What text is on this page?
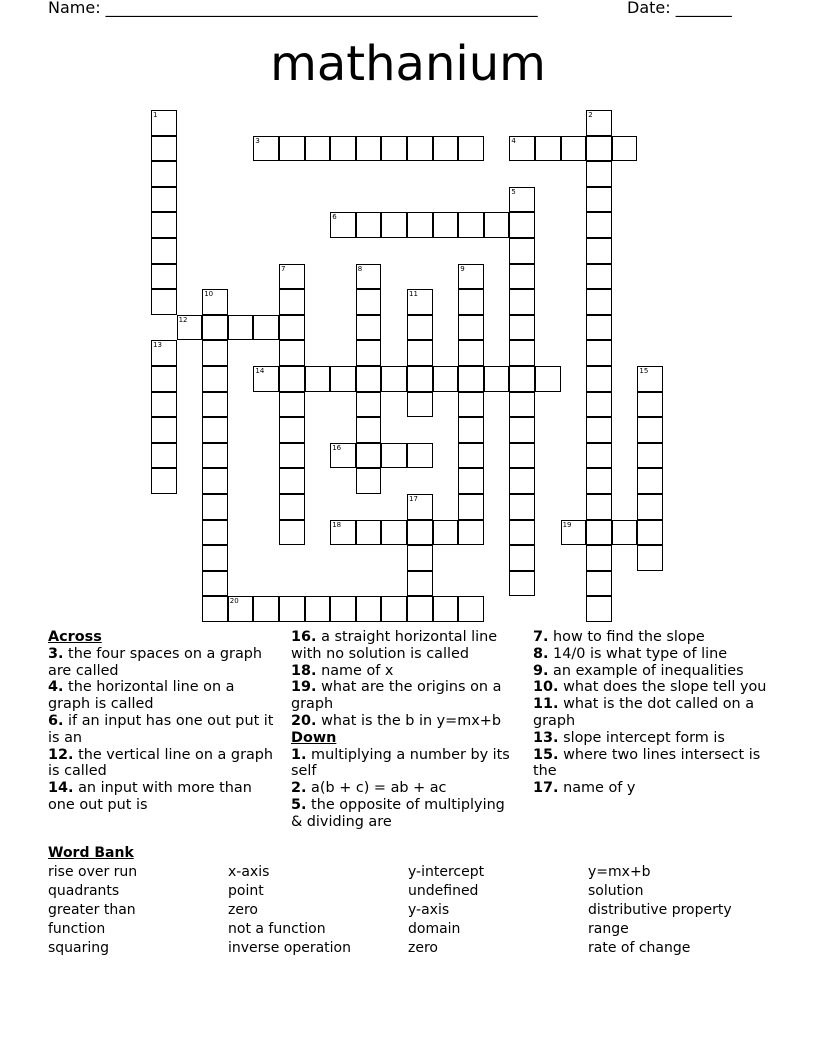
Name: ______________________________________________________	Date: _______
mathanium
1	2
3	4
5
6
7	8	9
10	11
12
13
14	15
16
17
18	19
20
Across
3. the four spaces on a graph are called
4. the horizontal line on a graph is called
6. if an input has one out put it is an
12. the vertical line on a graph is called
14. an input with more than one out put is
16. a straight horizontal line with no solution is called
18. name of x
19. what are the origins on a graph
20. what is the b in y=mx+b
Down
1. multiplying a number by its self
2. a(b + c) = ab + ac
5. the opposite of multiplying & dividing are
7. how to find the slope
8. 14/0 is what type of line
9. an example of inequalities
10. what does the slope tell you
11. what is the dot called on a graph
13. slope intercept form is
15. where two lines intersect is the
17. name of y
Word Bank
rise over run
quadrants
greater than
function
squaring
x-axis
point
zero
not a function
inverse operation
y-intercept
undefined
y-axis
domain
zero
y=mx+b
solution
distributive property
range
rate of change
